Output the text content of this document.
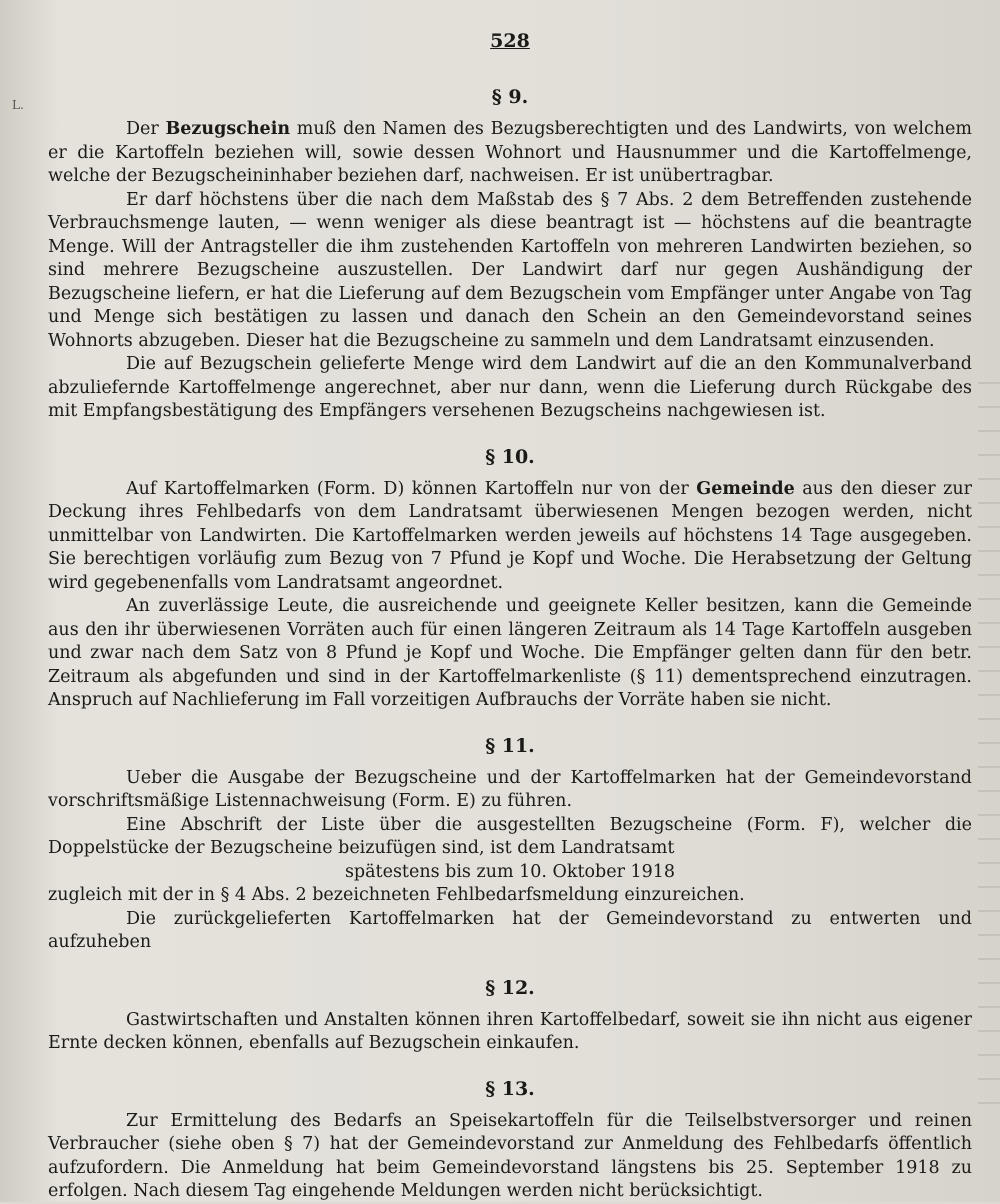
L.
528
§ 9.

Der Bezugschein muß den Namen des Bezugsberechtigten und des Landwirts, von welchem er die Kartoffeln beziehen will, sowie dessen Wohnort und Hausnummer und die Kartoffelmenge, welche der Bezugscheininhaber beziehen darf, nachweisen. Er ist unübertragbar.

Er darf höchstens über die nach dem Maßstab des § 7 Abs. 2 dem Betreffenden zustehende Verbrauchsmenge lauten, — wenn weniger als diese beantragt ist — höchstens auf die beantragte Menge. Will der Antragsteller die ihm zustehenden Kartoffeln von mehreren Landwirten beziehen, so sind mehrere Bezugscheine auszustellen. Der Landwirt darf nur gegen Aushändigung der Bezugscheine liefern, er hat die Lieferung auf dem Bezugschein vom Empfänger unter Angabe von Tag und Menge sich bestätigen zu lassen und danach den Schein an den Gemeindevorstand seines Wohnorts abzugeben. Dieser hat die Bezugscheine zu sammeln und dem Landratsamt einzusenden.

Die auf Bezugschein gelieferte Menge wird dem Landwirt auf die an den Kommunalverband abzuliefernde Kartoffelmenge angerechnet, aber nur dann, wenn die Lieferung durch Rückgabe des mit Empfangsbestätigung des Empfängers versehenen Bezugscheins nachgewiesen ist.

§ 10.

Auf Kartoffelmarken (Form. D) können Kartoffeln nur von der Gemeinde aus den dieser zur Deckung ihres Fehlbedarfs von dem Landratsamt überwiesenen Mengen bezogen werden, nicht unmittelbar von Landwirten. Die Kartoffelmarken werden jeweils auf höchstens 14 Tage ausgegeben. Sie berechtigen vorläufig zum Bezug von 7 Pfund je Kopf und Woche. Die Herabsetzung der Geltung wird gegebenenfalls vom Landratsamt angeordnet.

An zuverlässige Leute, die ausreichende und geeignete Keller besitzen, kann die Gemeinde aus den ihr überwiesenen Vorräten auch für einen längeren Zeitraum als 14 Tage Kartoffeln ausgeben und zwar nach dem Satz von 8 Pfund je Kopf und Woche. Die Empfänger gelten dann für den betr. Zeitraum als abgefunden und sind in der Kartoffelmarkenliste (§ 11) dementsprechend einzutragen. Anspruch auf Nachlieferung im Fall vorzeitigen Aufbrauchs der Vorräte haben sie nicht.

§ 11.

Ueber die Ausgabe der Bezugscheine und der Kartoffelmarken hat der Gemeindevorstand vorschriftsmäßige Listennachweisung (Form. E) zu führen.

Eine Abschrift der Liste über die ausgestellten Bezugscheine (Form. F), welcher die Doppelstücke der Bezugscheine beizufügen sind, ist dem Landratsamt

spätestens bis zum 10. Oktober 1918

zugleich mit der in § 4 Abs. 2 bezeichneten Fehlbedarfsmeldung einzureichen.

Die zurückgelieferten Kartoffelmarken hat der Gemeindevorstand zu entwerten und aufzuheben

§ 12.

Gastwirtschaften und Anstalten können ihren Kartoffelbedarf, soweit sie ihn nicht aus eigener Ernte decken können, ebenfalls auf Bezugschein einkaufen.

§ 13.

Zur Ermittelung des Bedarfs an Speisekartoffeln für die Teilselbstversorger und reinen Verbraucher (siehe oben § 7) hat der Gemeindevorstand zur Anmeldung des Fehlbedarfs öffentlich aufzufordern. Die Anmeldung hat beim Gemeindevorstand längstens bis 25. September 1918 zu erfolgen. Nach diesem Tag eingehende Meldungen werden nicht berücksichtigt.
